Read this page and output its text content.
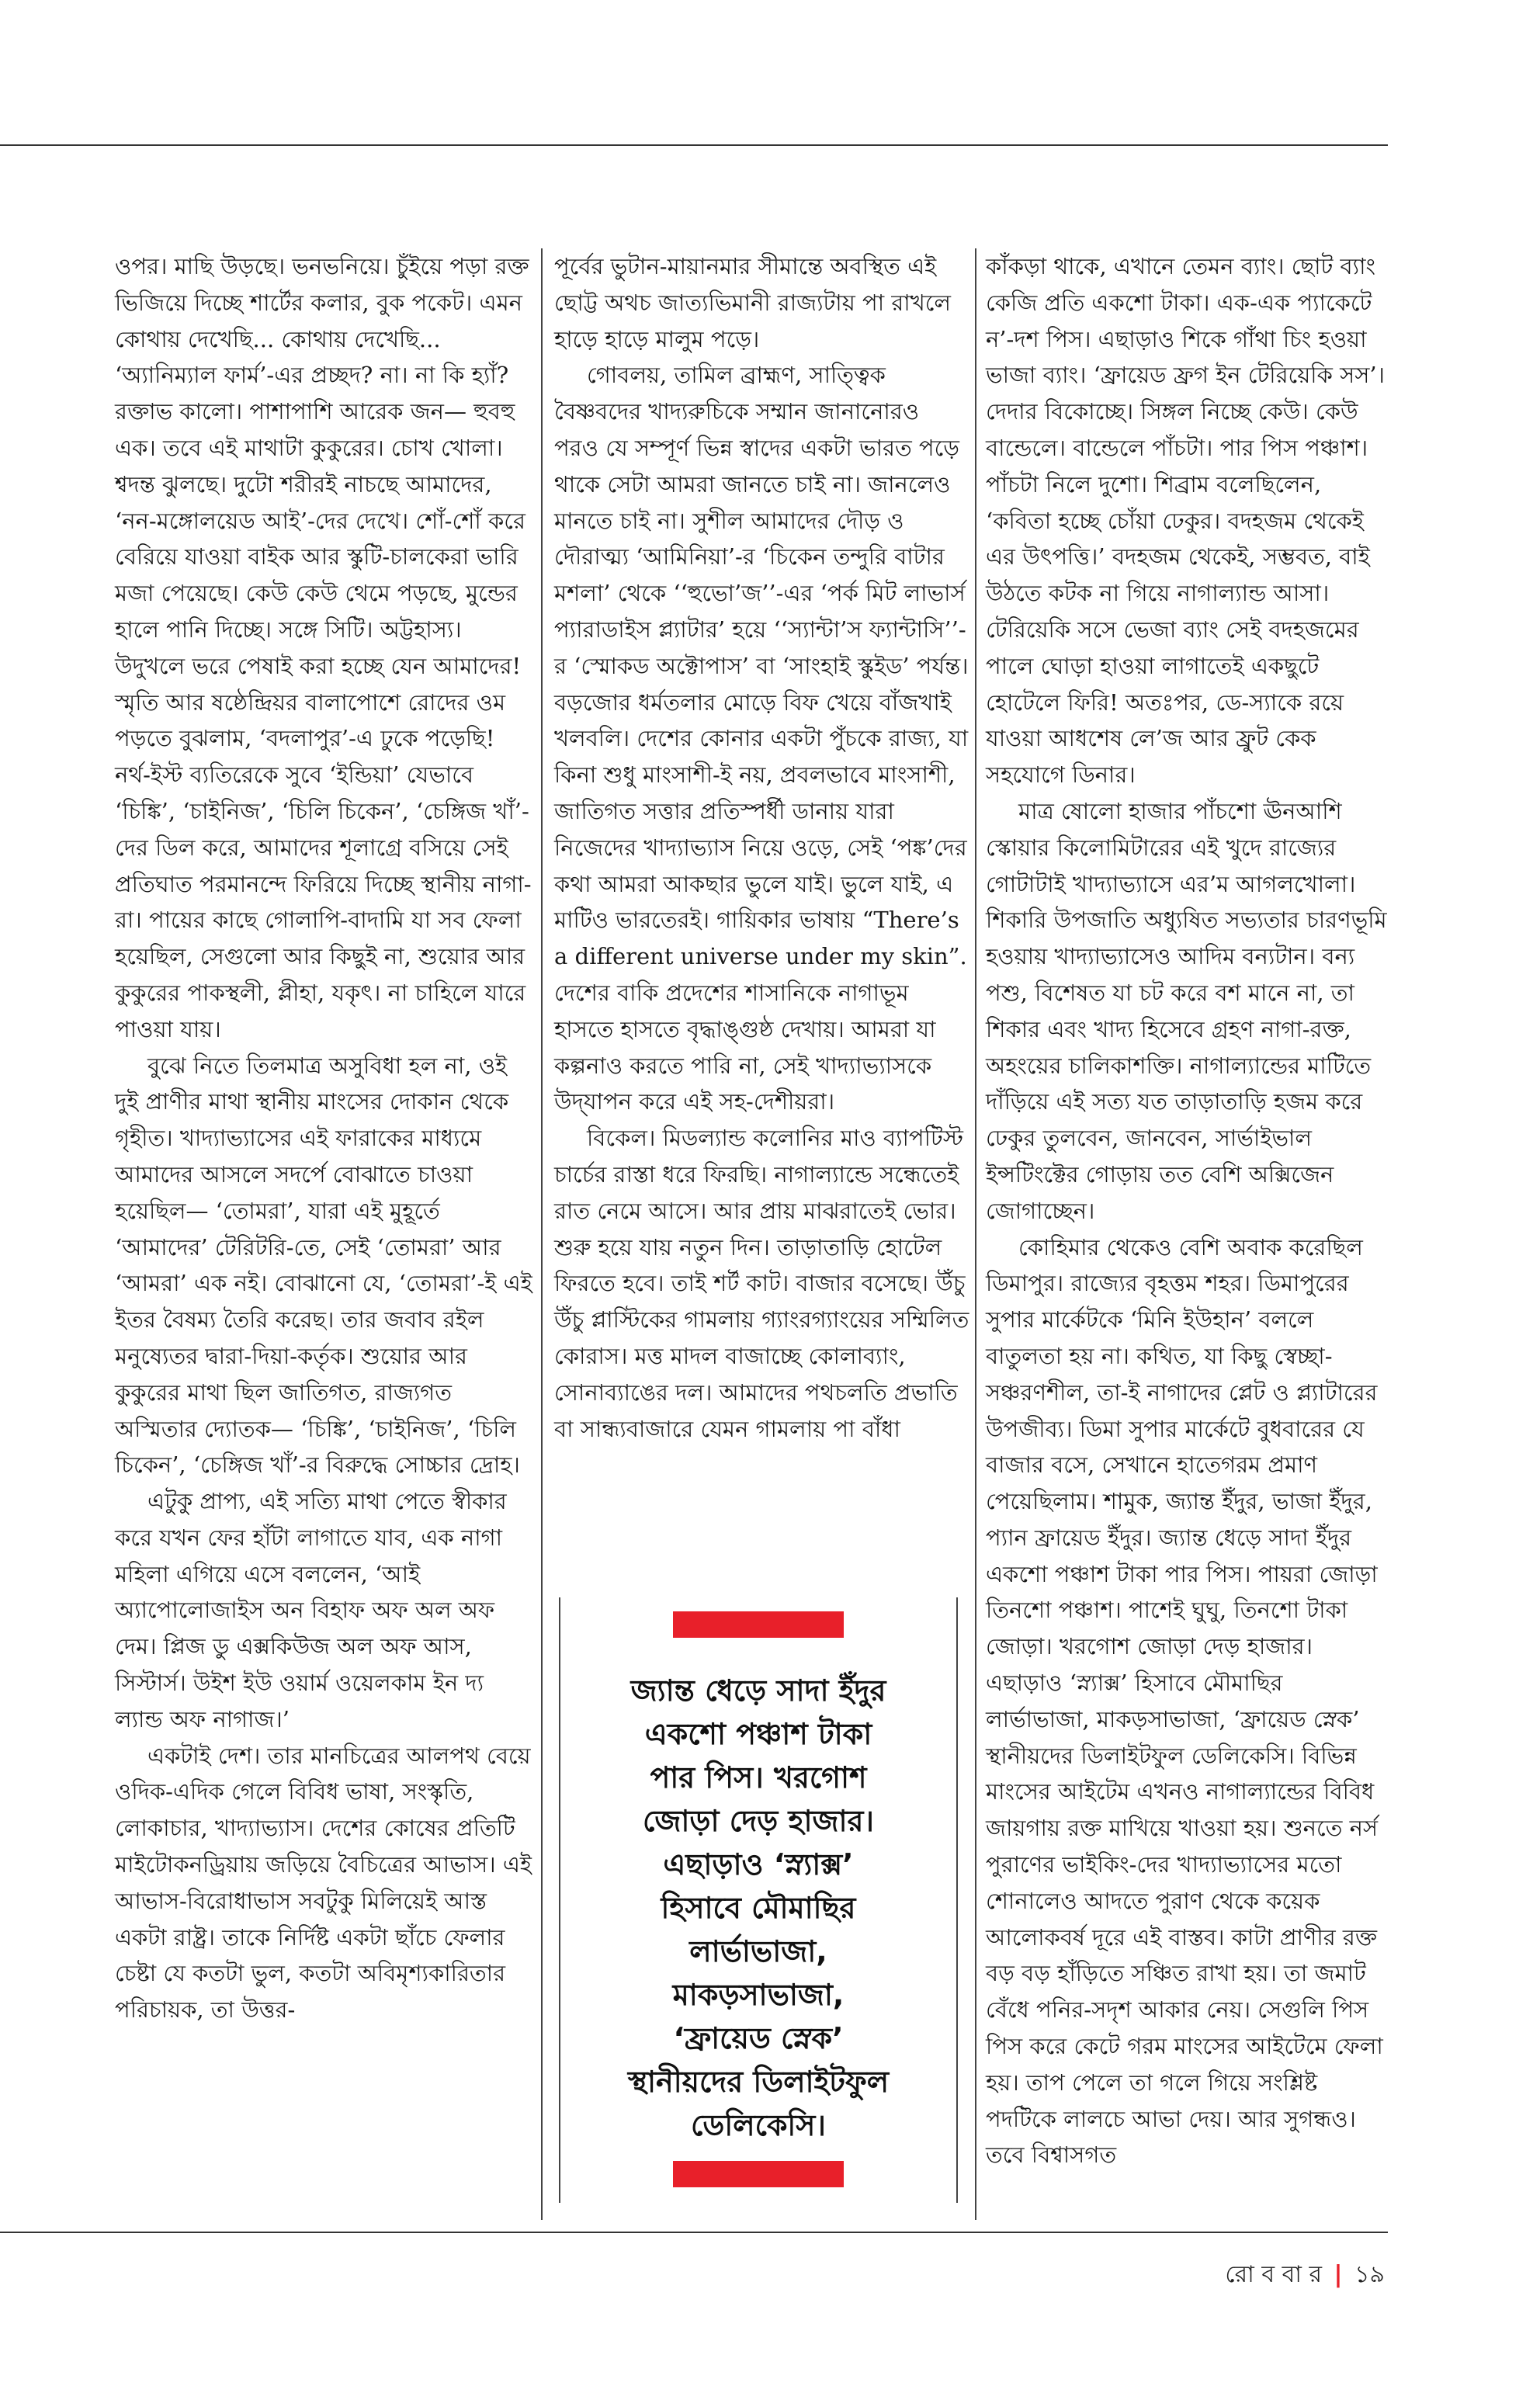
ওপর। মাছি উড়ছে। ভনভনিয়ে। চুঁইয়ে পড়া রক্ত ভিজিয়ে দিচ্ছে শার্টের কলার, বুক পকেট। এমন কোথায় দেখেছি... কোথায় দেখেছি... ‘অ্যানিম্যাল ফার্ম’-এর প্রচ্ছদ? না। না কি হ্যাঁ? রক্তাভ কালো। পাশাপাশি আরেক জন— হুবহু এক। তবে এই মাথাটা কুকুরের। চোখ খোলা। শ্বদন্ত ঝুলছে। দুটো শরীরই নাচছে আমাদের, ‘নন-মঙ্গোলয়েড আই’-দের দেখে। শোঁ-শোঁ করে বেরিয়ে যাওয়া বাইক আর স্কুটি-চালকেরা ভারি মজা পেয়েছে। কেউ কেউ থেমে পড়ছে, মুন্ডের হালে পানি দিচ্ছে। সঙ্গে সিটি। অট্টহাস্য। উদুখলে ভরে পেষাই করা হচ্ছে যেন আমাদের! স্মৃতি আর ষষ্ঠেন্দ্রিয়র বালাপোশে রোদের ওম পড়তে বুঝলাম, ‘বদলাপুর’-এ ঢুকে পড়েছি! নর্থ-ইস্ট ব্যতিরেকে সুবে ‘ইন্ডিয়া’ যেভাবে ‘চিঙ্কি’, ‘চাইনিজ’, ‘চিলি চিকেন’, ‘চেঙ্গিজ খাঁ’-দের ডিল করে, আমাদের শূলাগ্রে বসিয়ে সেই প্রতিঘাত পরমানন্দে ফিরিয়ে দিচ্ছে স্থানীয় নাগা-রা। পায়ের কাছে গোলাপি-বাদামি যা সব ফেলা হয়েছিল, সেগুলো আর কিছুই না, শুয়োর আর কুকুরের পাকস্থলী, প্লীহা, যকৃৎ। না চাহিলে যারে পাওয়া যায়।

বুঝে নিতে তিলমাত্র অসুবিধা হল না, ওই দুই প্রাণীর মাথা স্থানীয় মাংসের দোকান থেকে গৃহীত। খাদ্যাভ্যাসের এই ফারাকের মাধ্যমে আমাদের আসলে সদর্পে বোঝাতে চাওয়া হয়েছিল— ‘তোমরা’, যারা এই মুহূর্তে ‘আমাদের’ টেরিটরি-তে, সেই ‘তোমরা’ আর ‘আমরা’ এক নই। বোঝানো যে, ‘তোমরা’-ই এই ইতর বৈষম্য তৈরি করেছ। তার জবাব রইল মনুষ্যেতর দ্বারা-দিয়া-কর্তৃক। শুয়োর আর কুকুরের মাথা ছিল জাতিগত, রাজ্যগত অস্মিতার দ্যোতক— ‘চিঙ্কি’, ‘চাইনিজ’, ‘চিলি চিকেন’, ‘চেঙ্গিজ খাঁ’-র বিরুদ্ধে সোচ্চার দ্রোহ।

এটুকু প্রাপ্য, এই সত্যি মাথা পেতে স্বীকার করে যখন ফের হাঁটা লাগাতে যাব, এক নাগা মহিলা এগিয়ে এসে বললেন, ‘আই অ্যাপোলোজাইস অন বিহাফ অফ অল অফ দেম। প্লিজ ডু এক্সকিউজ অল অফ আস, সিস্টার্স। উইশ ইউ ওয়ার্ম ওয়েলকাম ইন দ্য ল্যান্ড অফ নাগাজ।’

একটাই দেশ। তার মানচিত্রের আলপথ বেয়ে ওদিক-এদিক গেলে বিবিধ ভাষা, সংস্কৃতি, লোকাচার, খাদ্যাভ্যাস। দেশের কোষের প্রতিটি মাইটোকনড্রিয়ায় জড়িয়ে বৈচিত্রের আভাস। এই আভাস-বিরোধাভাস সবটুকু মিলিয়েই আস্ত একটা রাষ্ট্র। তাকে নির্দিষ্ট একটা ছাঁচে ফেলার চেষ্টা যে কতটা ভুল, কতটা অবিমৃশ্যকারিতার পরিচায়ক, তা উত্তর-

পূর্বের ভুটান-মায়ানমার সীমান্তে অবস্থিত এই ছোট্ট অথচ জাত্যভিমানী রাজ্যটায় পা রাখলে হাড়ে হাড়ে মালুম পড়ে।

গোবলয়, তামিল ব্রাহ্মণ, সাত্ত্বিক বৈষ্ণবদের খাদ্যরুচিকে সম্মান জানানোরও পরও যে সম্পূর্ণ ভিন্ন স্বাদের একটা ভারত পড়ে থাকে সেটা আমরা জানতে চাই না। জানলেও মানতে চাই না। সুশীল আমাদের দৌড় ও দৌরাত্ম্য ‘আমিনিয়া’-র ‘চিকেন তন্দুরি বাটার মশলা’ থেকে ‘‘হুভো’জ’’-এর ‘পর্ক মিট লাভার্স প্যারাডাইস প্ল্যাটার’ হয়ে ‘‘স্যান্টা’স ফ্যান্টাসি’’-র ‘স্মোকড অক্টোপাস’ বা ‘সাংহাই স্কুইড’ পর্যন্ত। বড়জোর ধর্মতলার মোড়ে বিফ খেয়ে বাঁজখাই খলবলি। দেশের কোনার একটা পুঁচকে রাজ্য, যা কিনা শুধু মাংসাশী-ই নয়, প্রবলভাবে মাংসাশী, জাতিগত সত্তার প্রতিস্পর্ধী ডানায় যারা নিজেদের খাদ্যাভ্যাস নিয়ে ওড়ে, সেই ‘পঙ্ক’দের কথা আমরা আকছার ভুলে যাই। ভুলে যাই, এ মাটিও ভারতেরই। গায়িকার ভাষায় “There’s a different universe under my skin”. দেশের বাকি প্রদেশের শাসানিকে নাগাভূম হাসতে হাসতে বৃদ্ধাঙ্গুষ্ঠ দেখায়। আমরা যা কল্পনাও করতে পারি না, সেই খাদ্যাভ্যাসকে উদ্‌যাপন করে এই সহ-দেশীয়রা।

বিকেল। মিডল্যান্ড কলোনির মাও ব্যাপটিস্ট চার্চের রাস্তা ধরে ফিরছি। নাগাল্যান্ডে সন্ধেতেই রাত নেমে আসে। আর প্রায় মাঝরাতেই ভোর। শুরু হয়ে যায় নতুন দিন। তাড়াতাড়ি হোটেল ফিরতে হবে। তাই শর্ট কাট। বাজার বসেছে। উঁচু উঁচু প্লাস্টিকের গামলায় গ্যাংরগ্যাংয়ের সম্মিলিত কোরাস। মত্ত মাদল বাজাচ্ছে কোলাব্যাং, সোনাব্যাঙের দল। আমাদের পথচলতি প্রভাতি বা সান্ধ্যবাজারে যেমন গামলায় পা বাঁধা

কাঁকড়া থাকে, এখানে তেমন ব্যাং। ছোট ব্যাং কেজি প্রতি একশো টাকা। এক-এক প্যাকেটে ন’-দশ পিস। এছাড়াও শিকে গাঁথা চিং হওয়া ভাজা ব্যাং। ‘ফ্রায়েড ফ্রগ ইন টেরিয়েকি সস’। দেদার বিকোচ্ছে। সিঙ্গল নিচ্ছে কেউ। কেউ বান্ডেলে। বান্ডেলে পাঁচটা। পার পিস পঞ্চাশ। পাঁচটা নিলে দুশো। শিব্রাম বলেছিলেন, ‘কবিতা হচ্ছে চোঁয়া ঢেকুর। বদহজম থেকেই এর উৎপত্তি।’ বদহজম থেকেই, সম্ভবত, বাই উঠতে কটক না গিয়ে নাগাল্যান্ড আসা। টেরিয়েকি সসে ভেজা ব্যাং সেই বদহজমের পালে ঘোড়া হাওয়া লাগাতেই একছুটে হোটেলে ফিরি! অতঃপর, ডে-স্যাকে রয়ে যাওয়া আধশেষ লে’জ আর ফ্রুট কেক সহযোগে ডিনার।

মাত্র ষোলো হাজার পাঁচশো ঊনআশি স্কোয়ার কিলোমিটারের এই খুদে রাজ্যের গোটাটাই খাদ্যাভ্যাসে এর’ম আগলখোলা। শিকারি উপজাতি অধ্যুষিত সভ্যতার চারণভূমি হওয়ায় খাদ্যাভ্যাসেও আদিম বন্যটান। বন্য পশু, বিশেষত যা চট করে বশ মানে না, তা শিকার এবং খাদ্য হিসেবে গ্রহণ নাগা-রক্ত, অহংয়ের চালিকাশক্তি। নাগাল্যান্ডের মাটিতে দাঁড়িয়ে এই সত্য যত তাড়াতাড়ি হজম করে ঢেকুর তুলবেন, জানবেন, সার্ভাইভাল ইন্সটিংক্টের গোড়ায় তত বেশি অক্সিজেন জোগাচ্ছেন।

কোহিমার থেকেও বেশি অবাক করেছিল ডিমাপুর। রাজ্যের বৃহত্তম শহর। ডিমাপুরের সুপার মার্কেটকে ‘মিনি ইউহান’ বললে বাতুলতা হয় না। কথিত, যা কিছু স্বেচ্ছা-সঞ্চরণশীল, তা-ই নাগাদের প্লেট ও প্ল্যাটারের উপজীব্য। ডিমা সুপার মার্কেটে বুধবারের যে বাজার বসে, সেখানে হাতেগরম প্রমাণ পেয়েছিলাম। শামুক, জ্যান্ত ইঁদুর, ভাজা ইঁদুর, প্যান ফ্রায়েড ইঁদুর। জ্যান্ত ধেড়ে সাদা ইঁদুর একশো পঞ্চাশ টাকা পার পিস। পায়রা জোড়া তিনশো পঞ্চাশ। পাশেই ঘুঘু, তিনশো টাকা জোড়া। খরগোশ জোড়া দেড় হাজার। এছাড়াও ‘স্ন্যাক্স’ হিসাবে মৌমাছির লার্ভাভাজা, মাকড়সাভাজা, ‘ফ্রায়েড স্নেক’ স্থানীয়দের ডিলাইটফুল ডেলিকেসি। বিভিন্ন মাংসের আইটেম এখনও নাগাল্যান্ডের বিবিধ জায়গায় রক্ত মাখিয়ে খাওয়া হয়। শুনতে নর্স পুরাণের ভাইকিং-দের খাদ্যাভ্যাসের মতো শোনালেও আদতে পুরাণ থেকে কয়েক আলোকবর্ষ দূরে এই বাস্তব। কাটা প্রাণীর রক্ত বড় বড় হাঁড়িতে সঞ্চিত রাখা হয়। তা জমাট বেঁধে পনির-সদৃশ আকার নেয়। সেগুলি পিস পিস করে কেটে গরম মাংসের আইটেমে ফেলা হয়। তাপ পেলে তা গলে গিয়ে সংশ্লিষ্ট পদটিকে লালচে আভা দেয়। আর সুগন্ধও। তবে বিশ্বাসগত

জ্যান্ত ধেড়ে সাদা ইঁদুর
একশো পঞ্চাশ টাকা
পার পিস। খরগোশ
জোড়া দেড় হাজার।
এছাড়াও ‘স্ন্যাক্স’
হিসাবে মৌমাছির
লার্ভাভাজা,
মাকড়সাভাজা,
‘ফ্রায়েড স্নেক’
স্থানীয়দের ডিলাইটফুল
ডেলিকেসি।
রো ব বা র | ১৯
